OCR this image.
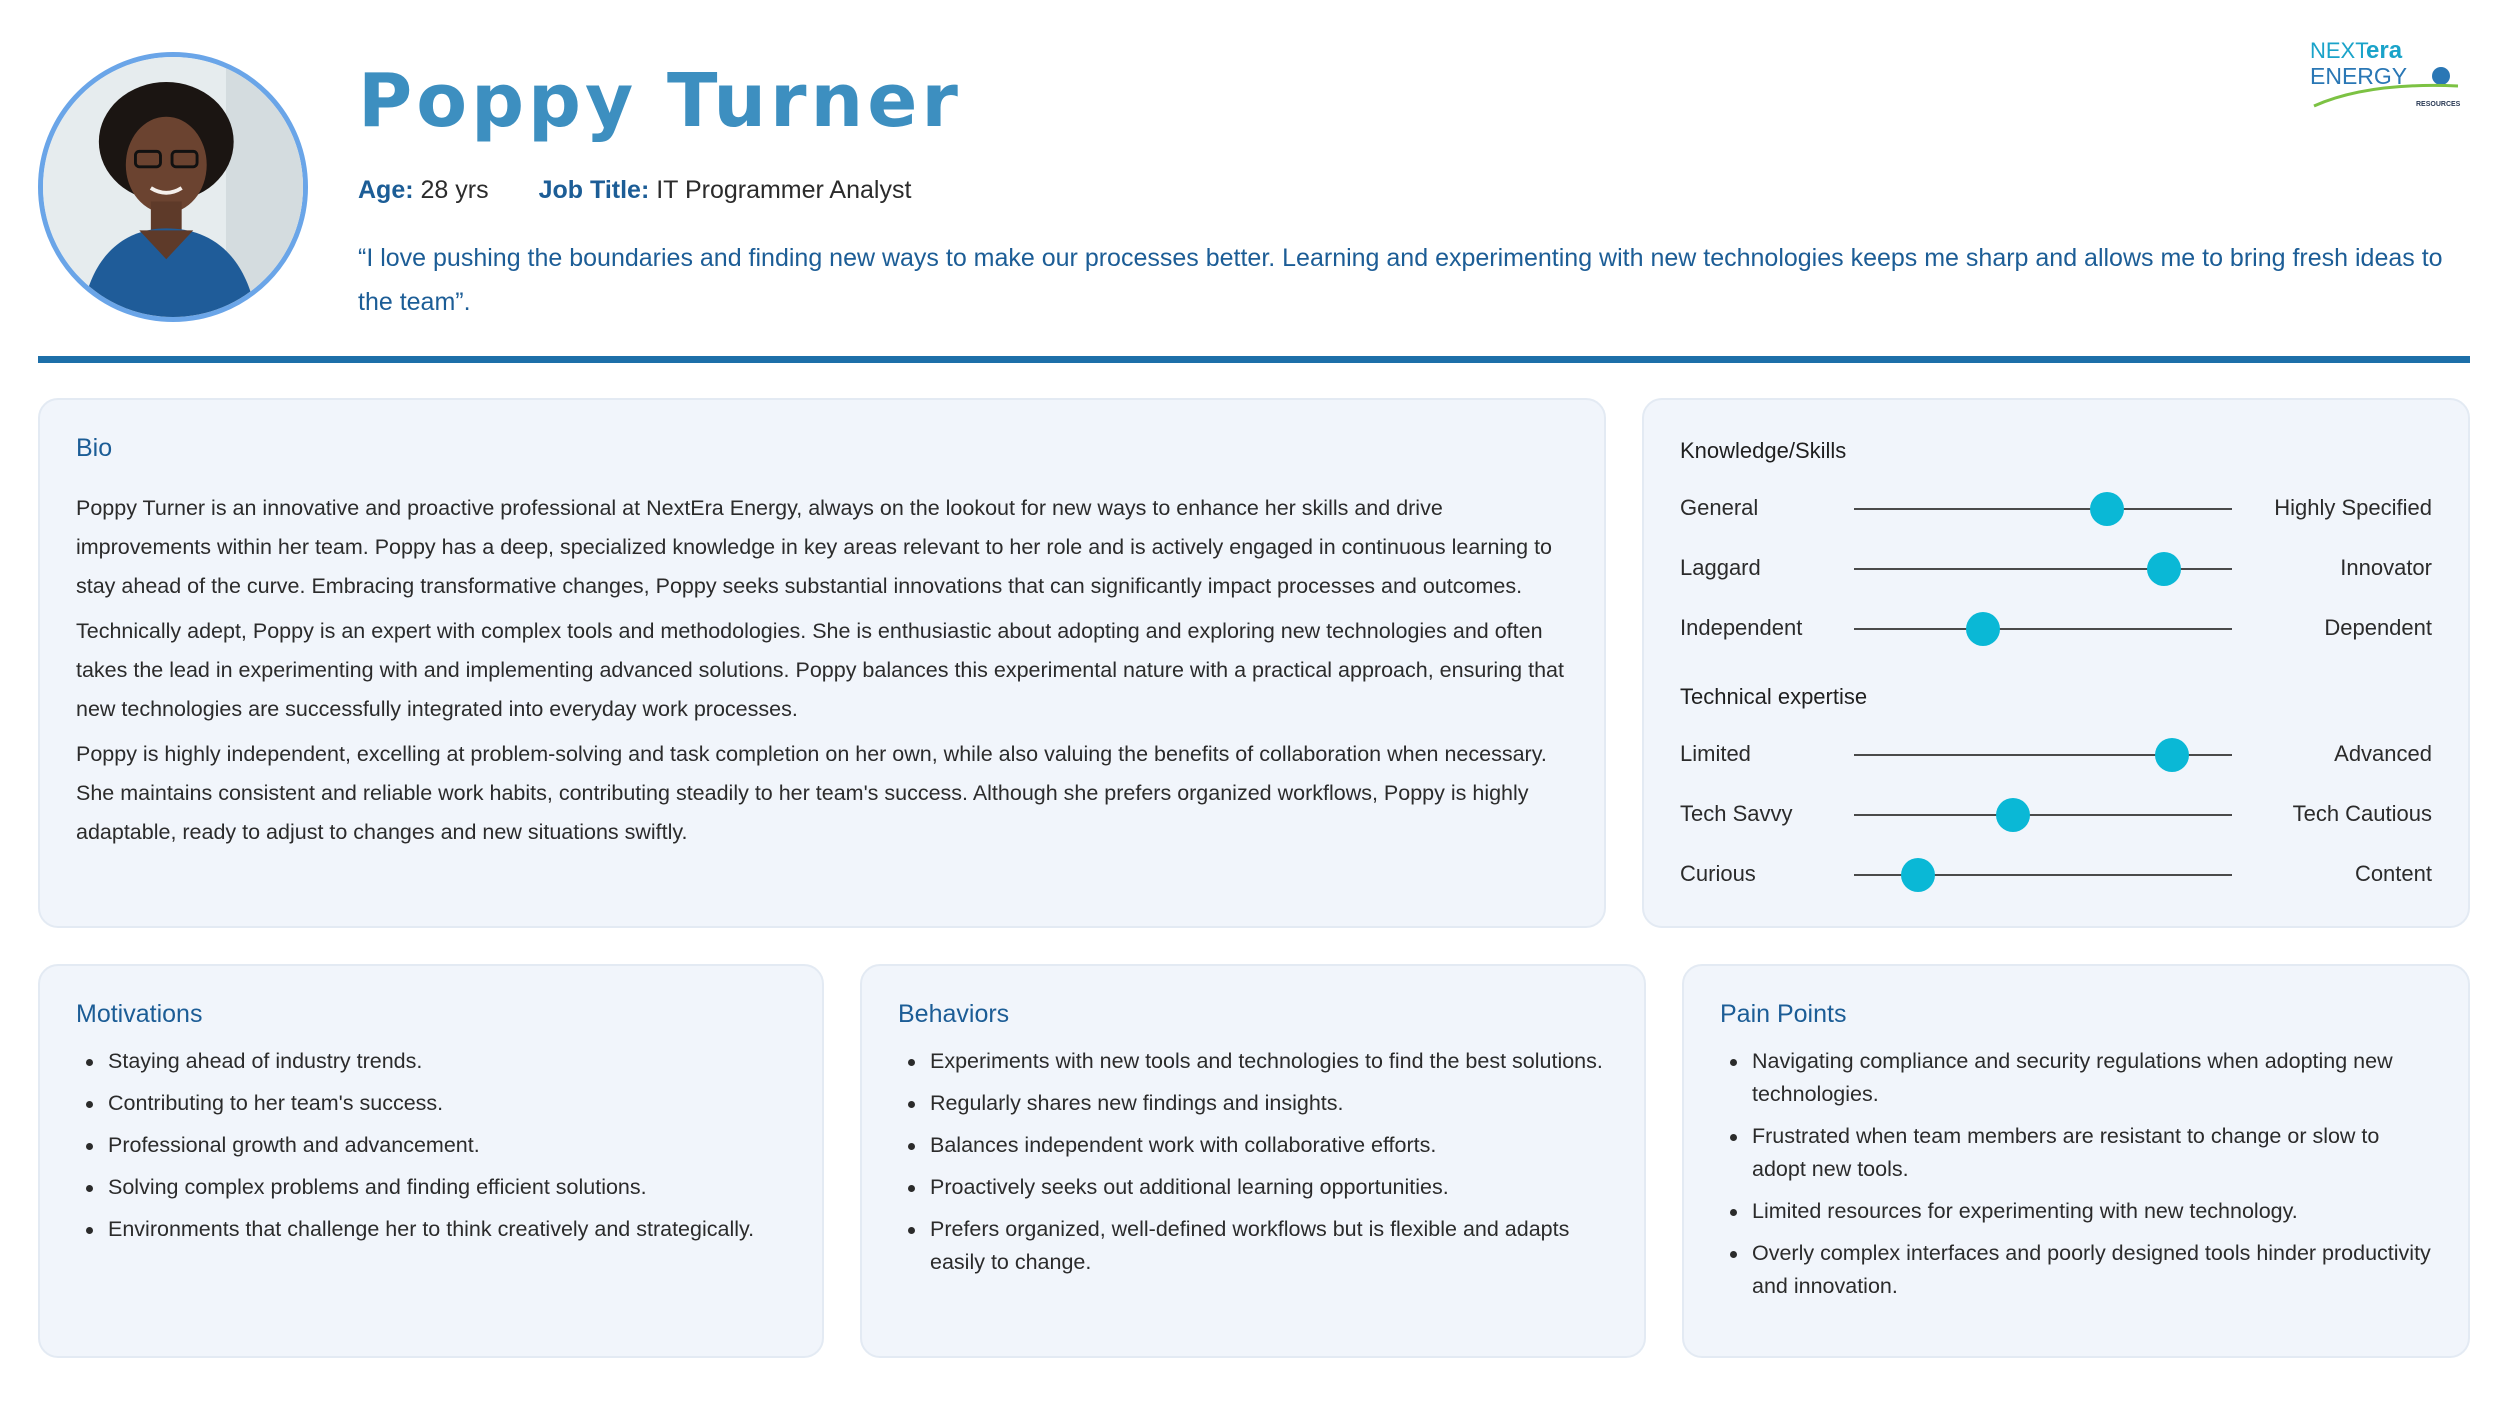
Poppy Turner
Age: 28 yrs Job Title: IT Programmer Analyst
“I love pushing the boundaries and finding new ways to make our processes better. Learning and experimenting with new technologies keeps me sharp and allows me to bring fresh ideas to the team”.
NEXT
era
ENERGY
RESOURCES
Bio

Poppy Turner is an innovative and proactive professional at NextEra Energy, always on the lookout for new ways to enhance her skills and drive improvements within her team. Poppy has a deep, specialized knowledge in key areas relevant to her role and is actively engaged in continuous learning to stay ahead of the curve. Embracing transformative changes, Poppy seeks substantial innovations that can significantly impact processes and outcomes.

Technically adept, Poppy is an expert with complex tools and methodologies. She is enthusiastic about adopting and exploring new technologies and often takes the lead in experimenting with and implementing advanced solutions. Poppy balances this experimental nature with a practical approach, ensuring that new technologies are successfully integrated into everyday work processes.

Poppy is highly independent, excelling at problem-solving and task completion on her own, while also valuing the benefits of collaboration when necessary. She maintains consistent and reliable work habits, contributing steadily to her team's success. Although she prefers organized workflows, Poppy is highly adaptable, ready to adjust to changes and new situations swiftly.

Knowledge/Skills
General	Highly Specified
Laggard	Innovator
Independent	Dependent
Technical expertise
Limited	Advanced
Tech Savvy	Tech Cautious
Curious	Content
Motivations
Staying ahead of industry trends.
Contributing to her team's success.
Professional growth and advancement.
Solving complex problems and finding efficient solutions.
Environments that challenge her to think creatively and strategically.
Behaviors
Experiments with new tools and technologies to find the best solutions.
Regularly shares new findings and insights.
Balances independent work with collaborative efforts.
Proactively seeks out additional learning opportunities.
Prefers organized, well-defined workflows but is flexible and adapts easily to change.
Pain Points
Navigating compliance and security regulations when adopting new technologies.
Frustrated when team members are resistant to change or slow to adopt new tools.
Limited resources for experimenting with new technology.
Overly complex interfaces and poorly designed tools hinder productivity and innovation.
